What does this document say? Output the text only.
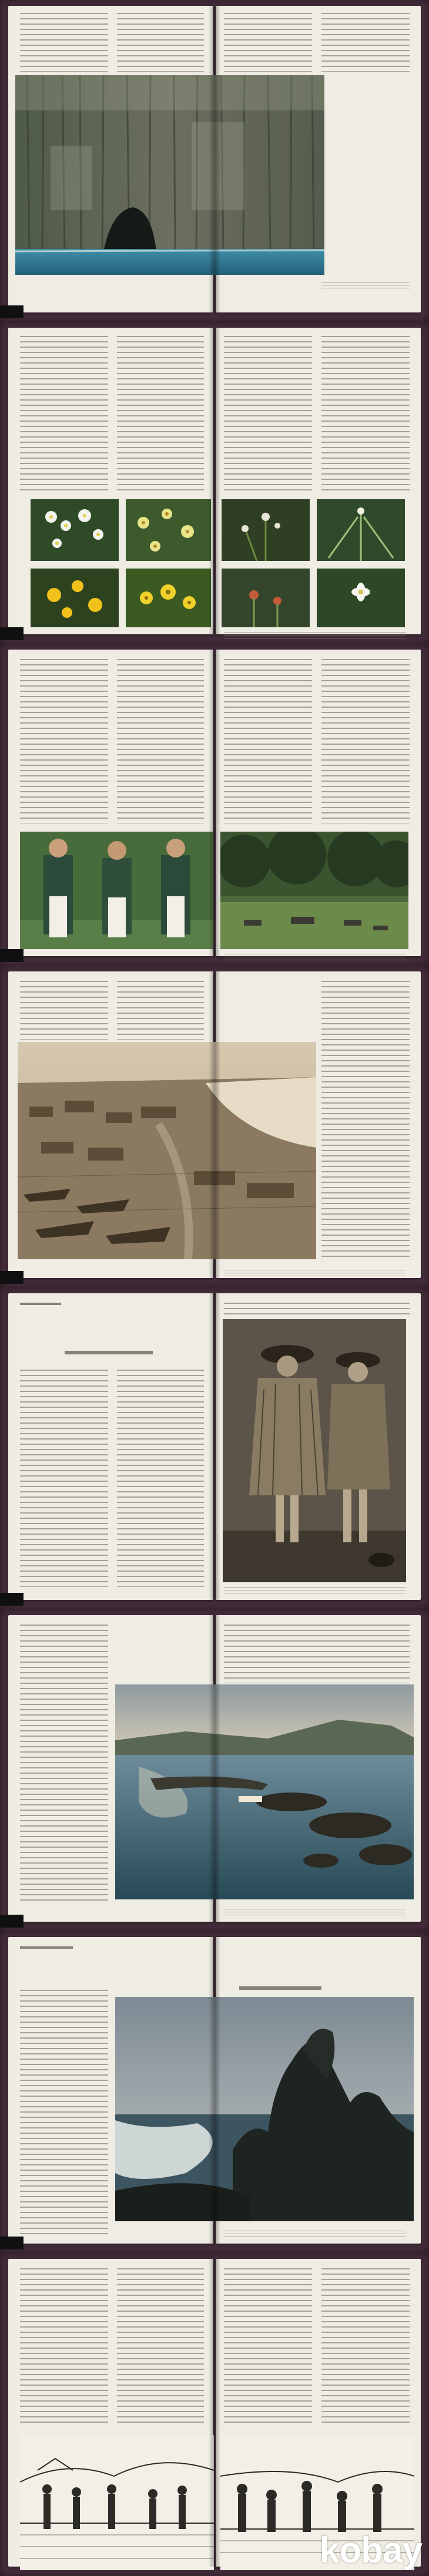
kobay
